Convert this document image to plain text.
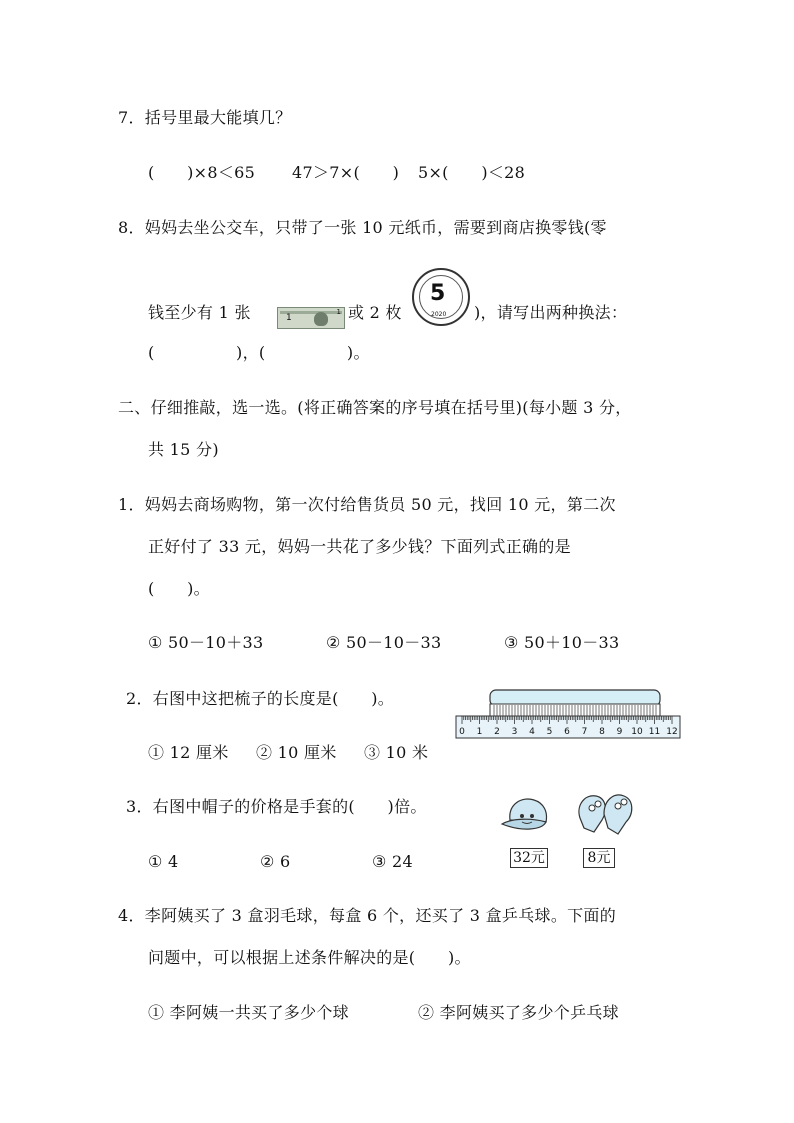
7．括号里最大能填几？
(　　)×8＜65 47＞7×(　　) 5×(　　)＜28
8．妈妈去坐公交车，只带了一张 10 元纸币，需要到商店换零钱(零
钱至少有 1 张	1
1 或 2 枚
5
2020 )，请写出两种换法：
(　　　　　)，(　　　　　)。
二、仔细推敲，选一选。(将正确答案的序号填在括号里)(每小题 3 分，
共 15 分)
1．妈妈去商场购物，第一次付给售货员 50 元，找回 10 元，第二次
正好付了 33 元，妈妈一共花了多少钱？下面列式正确的是
(　　)。
① 50－10＋33	② 50－10－33	③ 50＋10－33
2．右图中这把梳子的长度是(　　)。
① 12 厘米 ② 10 厘米 ③ 10 米
0 1 2 3 4 5 6 7 8 9 10 11 12
3．右图中帽子的价格是手套的(　　)倍。
① 4	② 6	③ 24	32元	8元
4．李阿姨买了 3 盒羽毛球，每盒 6 个，还买了 3 盒乒乓球。下面的
问题中，可以根据上述条件解决的是(　　)。
① 李阿姨一共买了多少个球	② 李阿姨买了多少个乒乓球
